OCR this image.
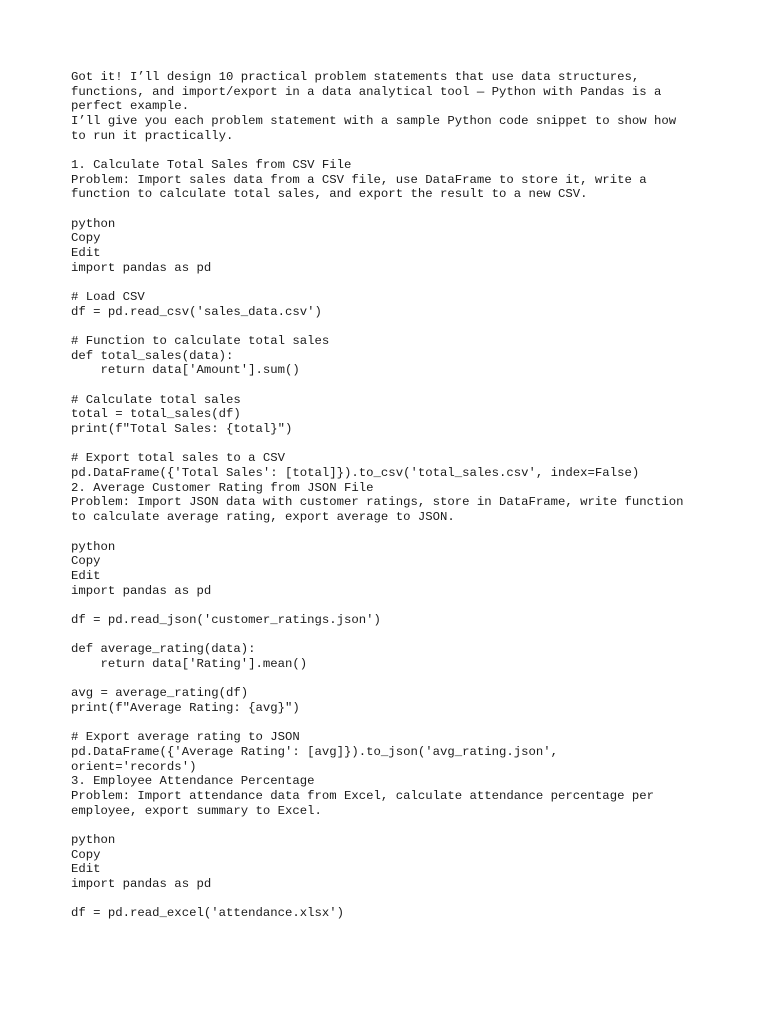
Got it! I’ll design 10 practical problem statements that use data structures,
functions, and import/export in a data analytical tool — Python with Pandas is a
perfect example.
I’ll give you each problem statement with a sample Python code snippet to show how
to run it practically.
1. Calculate Total Sales from CSV File
Problem: Import sales data from a CSV file, use DataFrame to store it, write a
function to calculate total sales, and export the result to a new CSV.
python
Copy
Edit
import pandas as pd
# Load CSV
df = pd.read_csv('sales_data.csv')
# Function to calculate total sales
def total_sales(data):
return data['Amount'].sum()
# Calculate total sales
total = total_sales(df)
print(f"Total Sales: {total}")
# Export total sales to a CSV
pd.DataFrame({'Total Sales': [total]}).to_csv('total_sales.csv', index=False)
2. Average Customer Rating from JSON File
Problem: Import JSON data with customer ratings, store in DataFrame, write function
to calculate average rating, export average to JSON.
python
Copy
Edit
import pandas as pd
df = pd.read_json('customer_ratings.json')
def average_rating(data):
return data['Rating'].mean()
avg = average_rating(df)
print(f"Average Rating: {avg}")
# Export average rating to JSON
pd.DataFrame({'Average Rating': [avg]}).to_json('avg_rating.json',
orient='records')
3. Employee Attendance Percentage
Problem: Import attendance data from Excel, calculate attendance percentage per
employee, export summary to Excel.
python
Copy
Edit
import pandas as pd
df = pd.read_excel('attendance.xlsx')
